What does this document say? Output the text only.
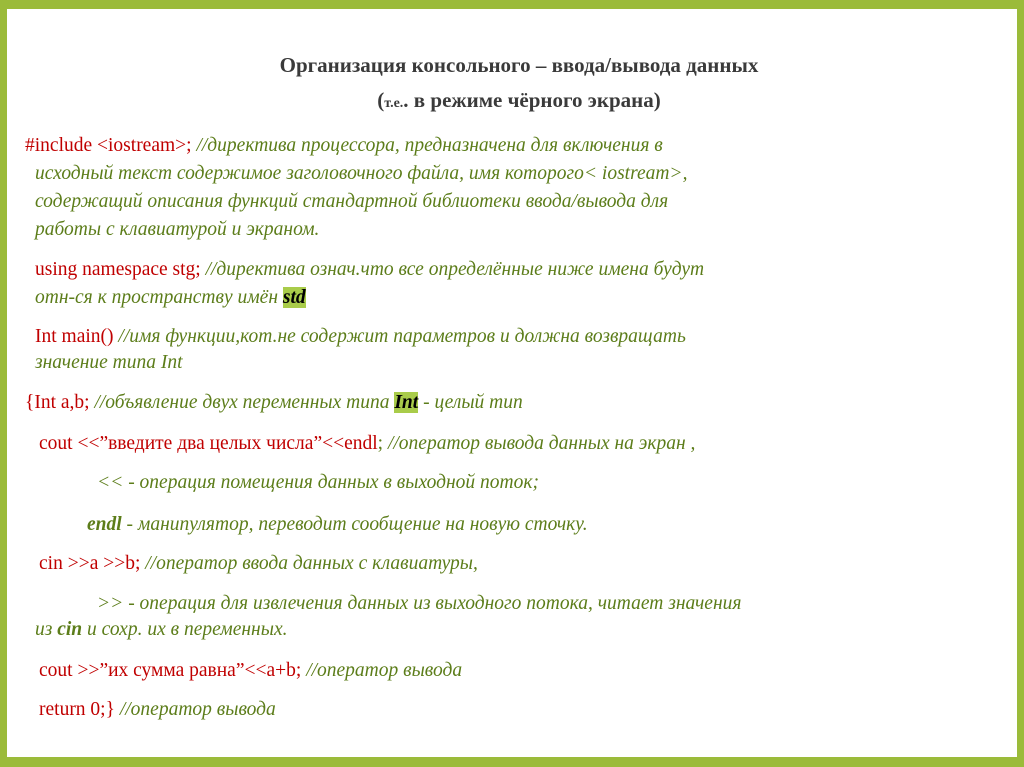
Организация консольного – ввода/вывода данных
(т.е.. в режиме чёрного экрана)
#include <iostream>; //директива процессора, предназначена для включения в
исходный текст содержимое заголовочного файла, имя которого< iostream>,
содержащий описания функций стандартной библиотеки ввода/вывода для
работы с клавиатурой и экраном.
using namespace stg; //директива означ.что все определённые ниже имена будут
отн-ся к пространству имён std
Int main() //имя функции,кот.не содержит параметров и должна возвращать
значение типа Int
{Int a,b; //объявление двух переменных типа Int - целый тип
cout <<”введите два целых числа”<<endl; //оператор вывода данных на экран ,
<< - операция помещения данных в выходной поток;
endl - манипулятор, переводит сообщение на новую сточку.
cin >>a >>b; //оператор ввода данных с клавиатуры,
>> - операция для извлечения данных из выходного потока, читает значения
из cin и сохр. их в переменных.
cout >>”их сумма равна”<<a+b; //оператор вывода
return 0;} //оператор вывода
